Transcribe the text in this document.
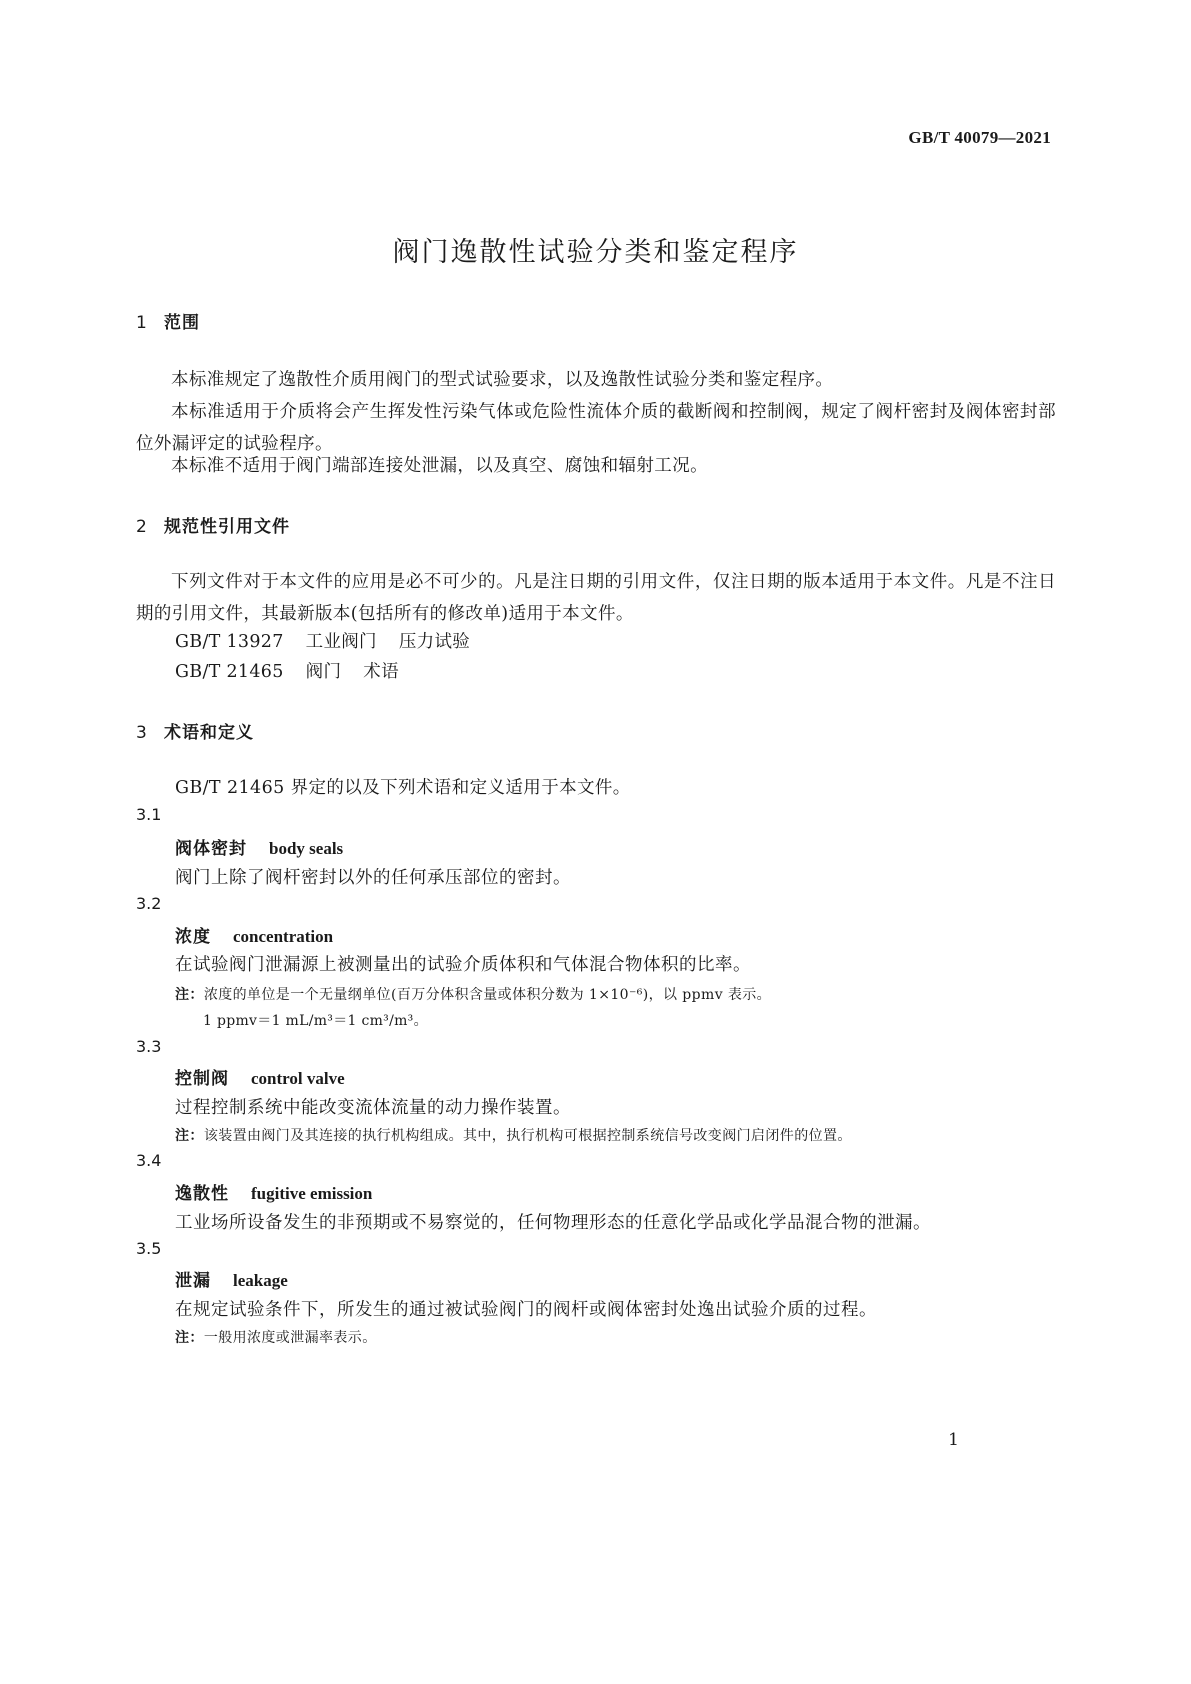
GB/T 40079—2021
阀门逸散性试验分类和鉴定程序
1 范围
本标准规定了逸散性介质用阀门的型式试验要求，以及逸散性试验分类和鉴定程序。
本标准适用于介质将会产生挥发性污染气体或危险性流体介质的截断阀和控制阀，规定了阀杆密封及阀体密封部位外漏评定的试验程序。
本标准不适用于阀门端部连接处泄漏，以及真空、腐蚀和辐射工况。
2 规范性引用文件
下列文件对于本文件的应用是必不可少的。凡是注日期的引用文件，仅注日期的版本适用于本文件。凡是不注日期的引用文件，其最新版本(包括所有的修改单)适用于本文件。
GB/T 13927 工业阀门 压力试验
GB/T 21465 阀门 术语
3 术语和定义
GB/T 21465 界定的以及下列术语和定义适用于本文件。
3.1
阀体密封 body seals
阀门上除了阀杆密封以外的任何承压部位的密封。
3.2
浓度 concentration
在试验阀门泄漏源上被测量出的试验介质体积和气体混合物体积的比率。
注：浓度的单位是一个无量纲单位(百万分体积含量或体积分数为 1×10⁻⁶)，以 ppmv 表示。
1 ppmv＝1 mL/m³＝1 cm³/m³。
3.3
控制阀 control valve
过程控制系统中能改变流体流量的动力操作装置。
注：该装置由阀门及其连接的执行机构组成。其中，执行机构可根据控制系统信号改变阀门启闭件的位置。
3.4
逸散性 fugitive emission
工业场所设备发生的非预期或不易察觉的，任何物理形态的任意化学品或化学品混合物的泄漏。
3.5
泄漏 leakage
在规定试验条件下，所发生的通过被试验阀门的阀杆或阀体密封处逸出试验介质的过程。
注：一般用浓度或泄漏率表示。
1
